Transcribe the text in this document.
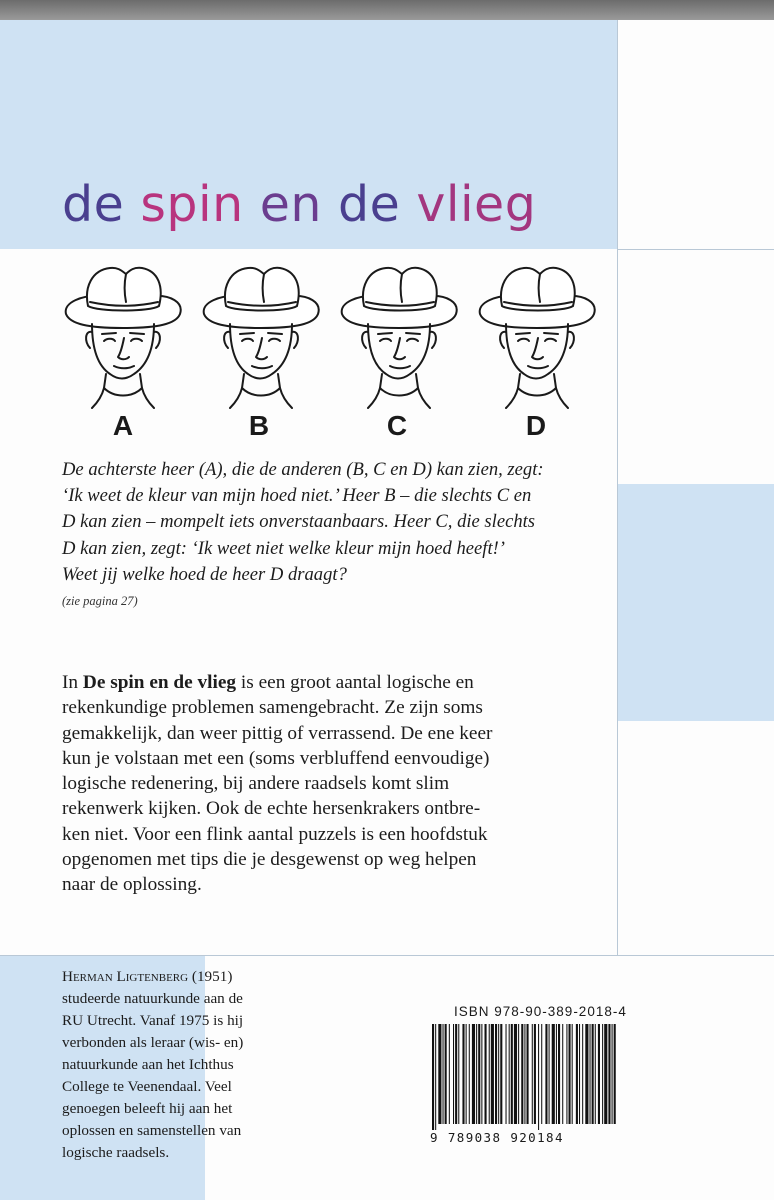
de spin en de vlieg
A	B	C	D

De achterste heer (A), die de anderen (B, C en D) kan zien, zegt:

‘Ik weet de kleur van mijn hoed niet.’ Heer B – die slechts C en

D kan zien – mompelt iets onverstaanbaars. Heer C, die slechts

D kan zien, zegt: ‘Ik weet niet welke kleur mijn hoed heeft!’

Weet jij welke hoed de heer D draagt?

(zie pagina 27)

In De spin en de vlieg is een groot aantal logische en

rekenkundige problemen samengebracht. Ze zijn soms

gemakkelijk, dan weer pittig of verrassend. De ene keer

kun je volstaan met een (soms verbluffend eenvoudige)

logische redenering, bij andere raadsels komt slim

rekenwerk kijken. Ook de echte hersenkrakers ontbre-

ken niet. Voor een flink aantal puzzels is een hoofdstuk

opgenomen met tips die je desgewenst op weg helpen

naar de oplossing.

Herman Ligtenberg (1951)

studeerde natuurkunde aan de

RU Utrecht. Vanaf 1975 is hij

verbonden als leraar (wis- en)

natuurkunde aan het Ichthus

College te Veenendaal. Veel

genoegen beleeft hij aan het

oplossen en samenstellen van

logische raadsels.

ISBN 978-90-389-2018-4
9 789038 920184
